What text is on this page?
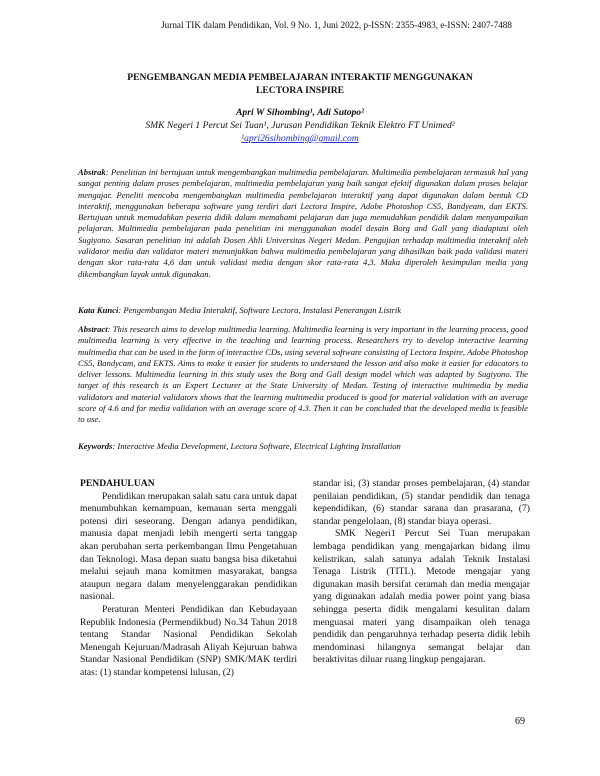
Jurnal TIK dalam Pendidikan, Vol. 9 No. 1, Juni 2022, p-ISSN: 2355-4983, e-ISSN: 2407-7488
PENGEMBANGAN MEDIA PEMBELAJARAN INTERAKTIF MENGGUNAKAN
LECTORA INSPIRE
Apri W Sihombing¹, Adi Sutopo²
SMK Negeri 1 Percut Sei Tuan¹, Jurusan Pendidikan Teknik Elektro FT Unimed²
¹apri26sihombing@gmail.com
Abstrak: Penelitian ini bertujuan untuk mengembangkan multimedia pembelajaran. Multimedia pembelajaran termasuk hal yang sangat penting dalam proses pembelajaran, multimedia pembelajaran yang baik sangat efektif digunakan dalam proses belajar mengajar. Peneliti mencoba mengembangkan multimedia pembelajaran interaktif yang dapat digunakan dalam bentuk CD interaktif, menggunakan beberapa software yang terdiri dari Lectora Inspire, Adobe Photoshop CS5, Bandyeam, dan EKTS. Bertujuan untuk memudahkan peserta didik dalam memahami pelajaran dan juga memudahkan pendidik dalam menyampaikan pelajaran. Multimedia pembelajaran pada penelitian ini menggunakan model desain Borg and Gall yang diadaptasi oleh Sugiyono. Sasaran penelitian ini adalah Dosen Ahli Universitas Negeri Medan. Pengujian terhadap multimedia interaktif oleh validator media dan validator materi menunjukkan bahwa multimedia pembelajaran yang dihasilkan baik pada validasi materi dengan skor rata-rata 4,6 dan untuk validasi media dengan skor rata-rata 4,3. Maka diperoleh kesimpulan media yang dikembangkan layak untuk digunakan.
Kata Kunci: Pengembangan Media Interaktif, Software Lectora, Instalasi Penerangan Listrik
Abstract: This research aims to develop multimedia learning. Multimedia learning is very important in the learning process, good multimedia learning is very effective in the teaching and learning process. Researchers try to develop interactive learning multimedia that can be used in the form of interactive CDs, using several software consisting of Lectora Inspire, Adobe Photoshop CS5, Bandycam, and EKTS. Aims to make it easier for students to understand the lesson and also make it easier for educators to deliver lessons. Multimedia learning in this study uses the Borg and Gall design model which was adapted by Sugiyono. The target of this research is an Expert Lecturer at the State University of Medan. Testing of interactive multimedia by media validators and material validators shows that the learning multimedia produced is good for material validation with an average score of 4.6 and for media validation with an average score of 4.3. Then it can be concluded that the developed media is feasible to use.
Keywords: Interactive Media Development, Lectora Software, Electrical Lighting Installation
PENDAHULUAN

Pendidikan merupakan salah satu cara untuk dapat menumbuhkan kemampuan, kemauan serta menggali potensi diri seseorang. Dengan adanya pendidikan, manusia dapat menjadi lebih mengerti serta tanggap akan perubahan serta perkembangan Ilmu Pengetahuan dan Teknologi. Masa depan suatu bangsa bisa diketahui melalui sejauh mana komitmen masyarakat, bangsa ataupun negara dalam menyelenggarakan pendidikan nasional.

Peraturan Menteri Pendidikan dan Kebudayaan Republik Indonesia (Permendikbud) No.34 Tahun 2018 tentang Standar Nasional Pendidikan Sekolah Menengah Kejuruan/Madrasah Aliyah Kejuruan bahwa Standar Nasional Pendidikan (SNP) SMK/MAK terdiri atas: (1) standar kompetensi lulusan, (2)

standar isi, (3) standar proses pembelajaran, (4) standar penilaian pendidikan, (5) standar pendidik dan tenaga kependidikan, (6) standar sarana dan prasarana, (7) standar pengelolaan, (8) standar biaya operasi.

SMK Negeri1 Percut Sei Tuan merupakan lembaga pendidikan yang mengajarkan bidang ilmu kelistrikan, salah satunya adalah Teknik Instalasi Tenaga Listrik (TITL). Metode mengajar yang digunakan masih bersifat ceramah dan media mengajar yang digunakan adalah media power point yang biasa sehingga peserta didik mengalami kesulitan dalam menguasai materi yang disampaikan oleh tenaga pendidik dan pengaruhnya terhadap peserta didik lebih mendominasi hilangnya semangat belajar dan beraktivitas diluar ruang lingkup pengajaran.

69
